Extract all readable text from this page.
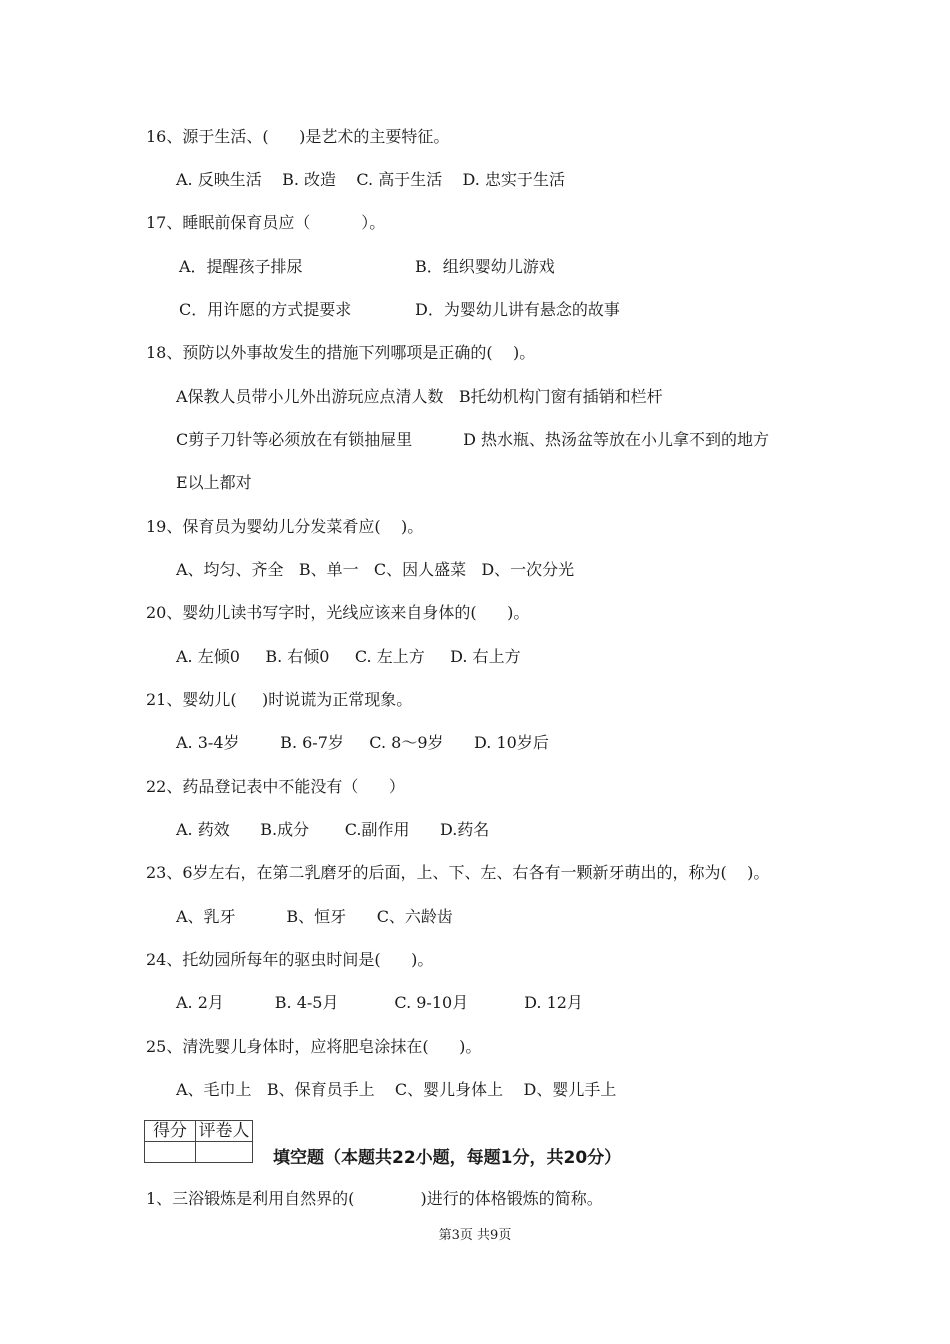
16、源于生活、(      )是艺术的主要特征。
A. 反映生活    B. 改造    C. 高于生活    D. 忠实于生活
17、睡眠前保育员应（          ）。
A．提醒孩子排尿	B．组织婴幼儿游戏
C．用许愿的方式提要求	D．为婴幼儿讲有悬念的故事
18、预防以外事故发生的措施下列哪项是正确的(    )。
A保教人员带小儿外出游玩应点清人数   B托幼机构门窗有插销和栏杆
C剪子刀针等必须放在有锁抽屉里          D 热水瓶、热汤盆等放在小儿拿不到的地方
E以上都对
19、保育员为婴幼儿分发菜肴应(    )。
A、均匀、齐全   B、单一   C、因人盛菜   D、一次分光
20、婴幼儿读书写字时，光线应该来自身体的(      )。
A. 左倾0     B. 右倾0     C. 左上方     D. 右上方
21、婴幼儿(     )时说谎为正常现象。
A. 3-4岁        B. 6-7岁     C. 8～9岁      D. 10岁后
22、药品登记表中不能没有（      ）
A. 药效      B.成分       C.副作用      D.药名
23、6岁左右，在第二乳磨牙的后面，上、下、左、右各有一颗新牙萌出的，称为(    )。
A、乳牙          B、恒牙      C、六龄齿
24、托幼园所每年的驱虫时间是(      )。
A. 2月          B. 4-5月           C. 9-10月           D. 12月
25、清洗婴儿身体时，应将肥皂涂抹在(      )。
A、毛巾上   B、保育员手上    C、婴儿身体上    D、婴儿手上
得分	评卷人

填空题（本题共22小题，每题1分，共20分）
1、三浴锻炼是利用自然界的(             )进行的体格锻炼的简称。
第3页 共9页
